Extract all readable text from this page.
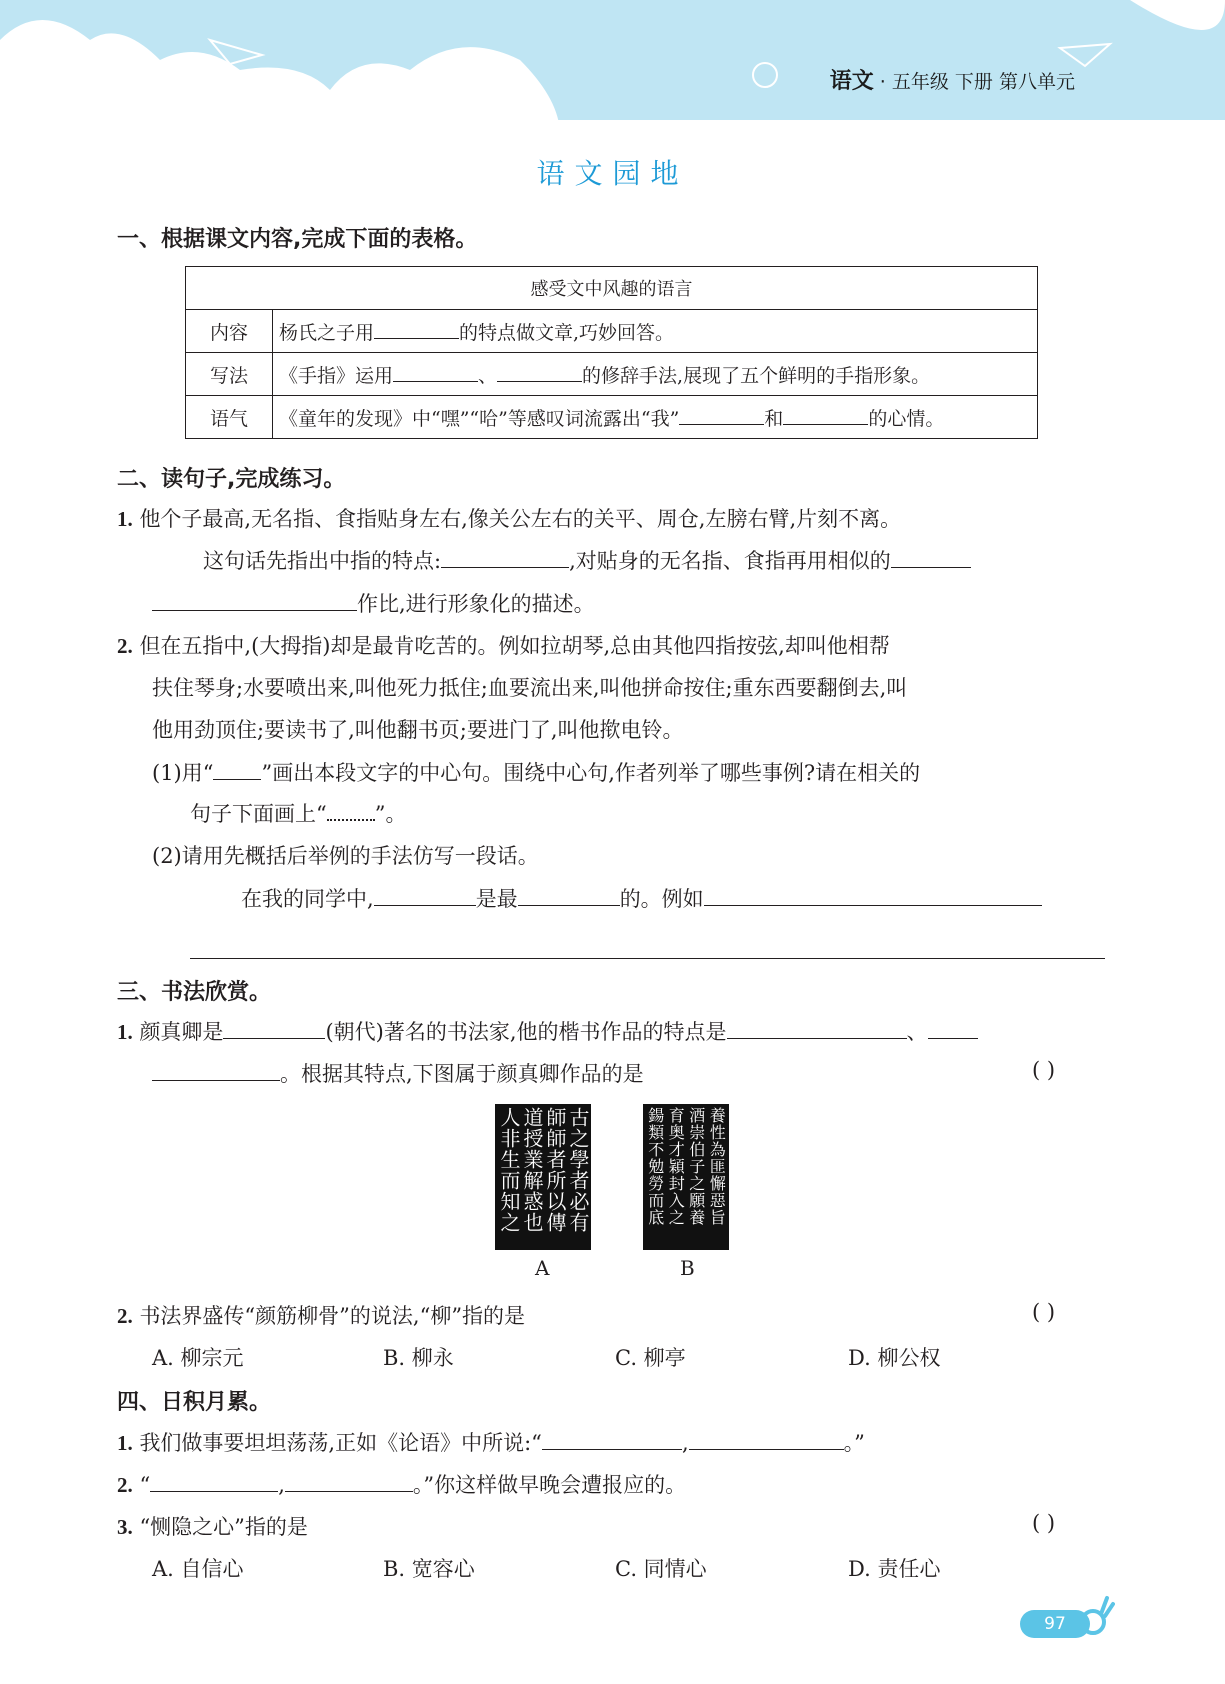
语文 · 五年级 下册 第八单元
语文园地
一、根据课文内容,完成下面的表格。
感受文中风趣的语言	
内容	杨氏之子用 的特点做文章,巧妙回答。
写法	《手指》运用 、 的修辞手法,展现了五个鲜明的手指形象。
语气	《童年的发现》中“嘿”“哈”等感叹词流露出“我” 和 的心情。
二、读句子,完成练习。
1. 他个子最高,无名指、食指贴身左右,像关公左右的关平、周仓,左膀右臂,片刻不离。
这句话先指出中指的特点:	,对贴身的无名指、食指再用相似的
作比,进行形象化的描述。
2. 但在五指中,(大拇指)却是最肯吃苦的。例如拉胡琴,总由其他四指按弦,却叫他相帮
扶住琴身;水要喷出来,叫他死力抵住;血要流出来,叫他拼命按住;重东西要翻倒去,叫
他用劲顶住;要读书了,叫他翻书页;要进门了,叫他揿电铃。
(1)用“ ”画出本段文字的中心句。围绕中心句,作者列举了哪些事例?请在相关的
句子下面画上“ ”。
(2)请用先概括后举例的手法仿写一段话。
在我的同学中,	是最	的。例如
三、书法欣赏。
1. 颜真卿是	(朝代)著名的书法家,他的楷书作品的特点是	、
。根据其特点,下图属于颜真卿作品的是	( )
古之學者必有
師師者所以傳
道授業解惑也
人非生而知之	養性為匪懈惡旨
酒崇伯子之願養
育奥才穎封入之
鍚類不勉勞而底
A	B
2. 书法界盛传“颜筋柳骨”的说法,“柳”指的是	( )
A. 柳宗元	B. 柳永	C. 柳亭	D. 柳公权
四、日积月累。
1. 我们做事要坦坦荡荡,正如《论语》中所说:“	,	。”
2. “	,	。”你这样做早晚会遭报应的。
3. “恻隐之心”指的是	( )
A. 自信心	B. 宽容心	C. 同情心	D. 责任心
97
